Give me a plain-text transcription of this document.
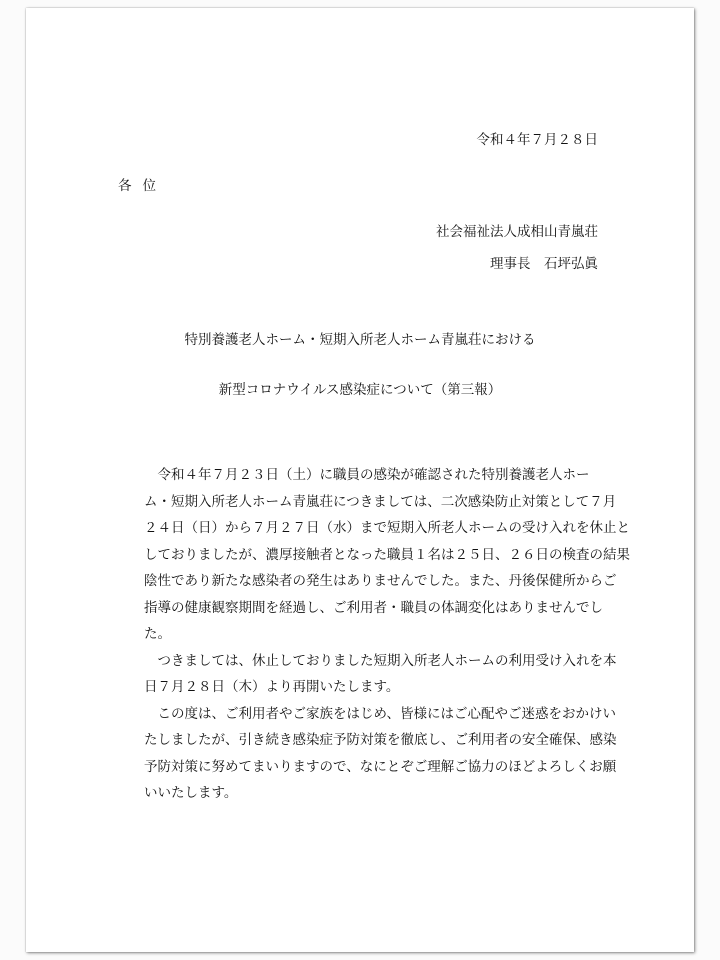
令和４年７月２８日
各位
社会福祉法人成相山青嵐荘
理事長　石坪弘眞
特別養護老人ホーム・短期入所老人ホーム青嵐荘における
新型コロナウイルス感染症について（第三報）
　令和４年７月２３日（土）に職員の感染が確認された特別養護老人ホー
ム・短期入所老人ホーム青嵐荘につきましては、二次感染防止対策として７月
２４日（日）から７月２７日（水）まで短期入所老人ホームの受け入れを休止と
しておりましたが、濃厚接触者となった職員１名は２５日、２６日の検査の結果
陰性であり新たな感染者の発生はありませんでした。また、丹後保健所からご
指導の健康観察期間を経過し、ご利用者・職員の体調変化はありませんでし
た。
　つきましては、休止しておりました短期入所老人ホームの利用受け入れを本
日７月２８日（木）より再開いたします。
　この度は、ご利用者やご家族をはじめ、皆様にはご心配やご迷惑をおかけい
たしましたが、引き続き感染症予防対策を徹底し、ご利用者の安全確保、感染
予防対策に努めてまいりますので、なにとぞご理解ご協力のほどよろしくお願
いいたします。
